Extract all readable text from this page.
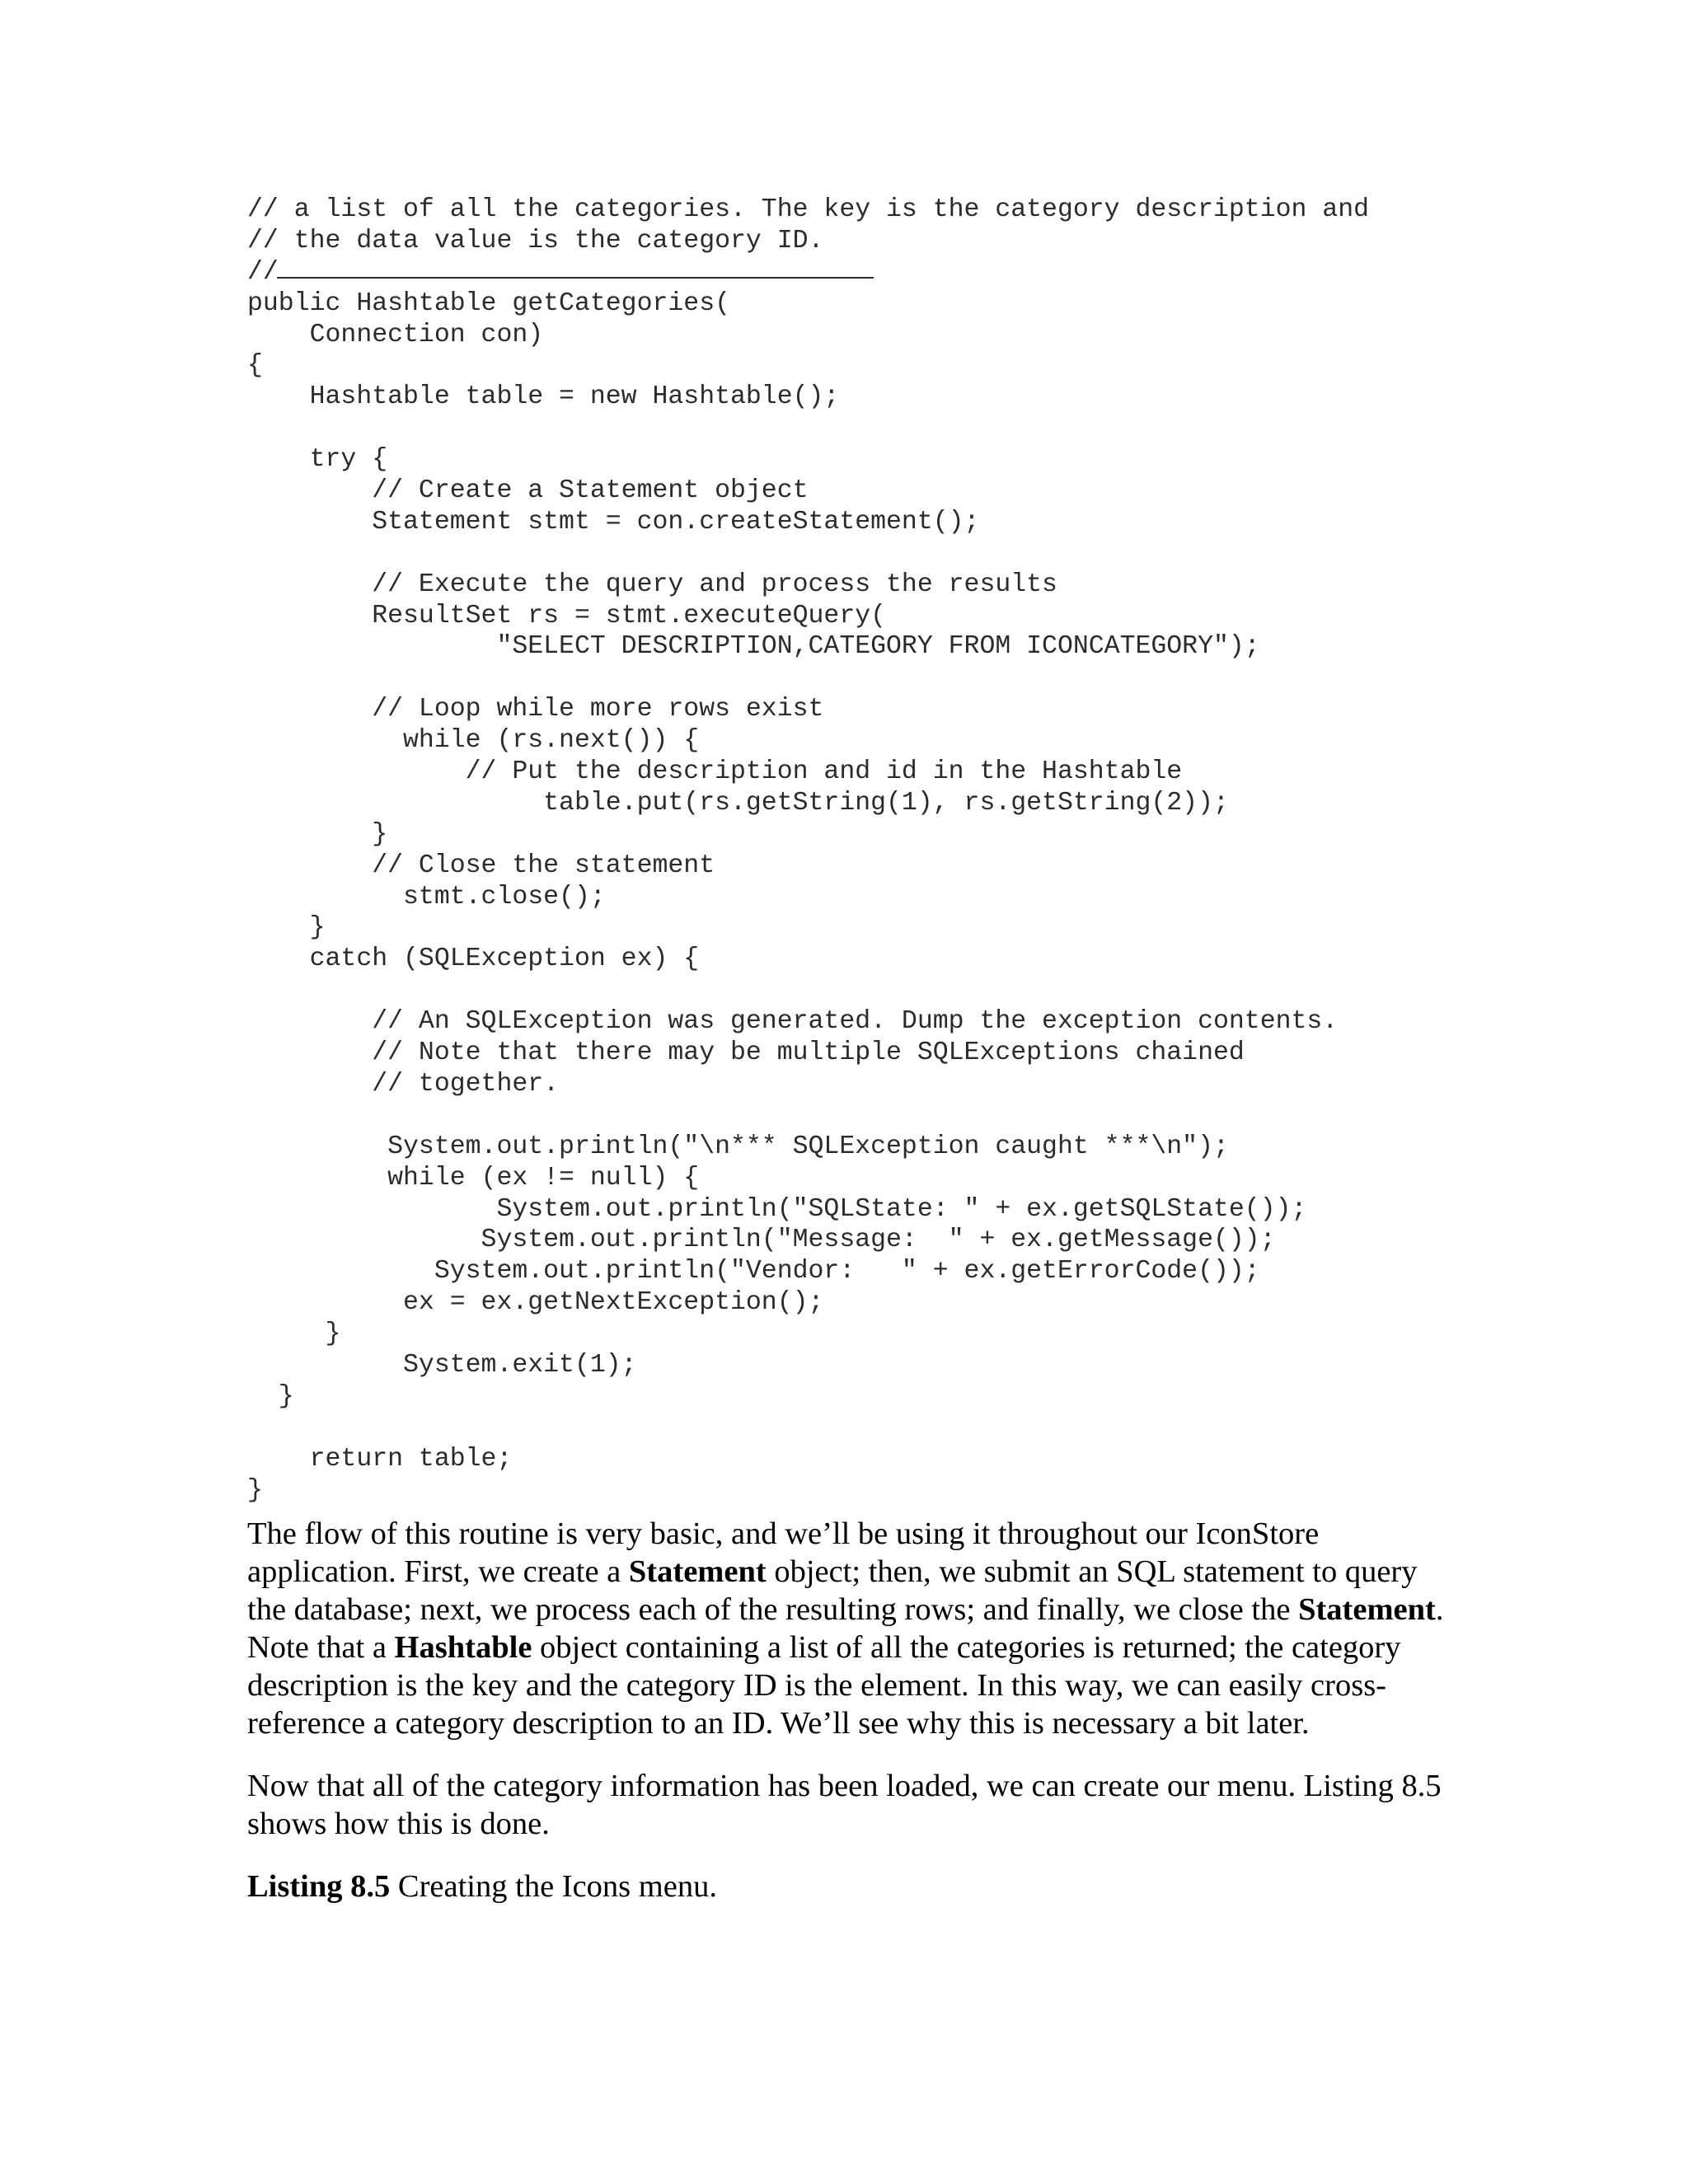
// a list of all the categories. The key is the category description and
// the data value is the category ID.
//
public Hashtable getCategories(
Connection con)
{
Hashtable table = new Hashtable();
try {
// Create a Statement object
Statement stmt = con.createStatement();
// Execute the query and process the results
ResultSet rs = stmt.executeQuery(
"SELECT DESCRIPTION,CATEGORY FROM ICONCATEGORY");
// Loop while more rows exist
while (rs.next()) {
// Put the description and id in the Hashtable
table.put(rs.getString(1), rs.getString(2));
}
// Close the statement
stmt.close();
}
catch (SQLException ex) {
// An SQLException was generated. Dump the exception contents.
// Note that there may be multiple SQLExceptions chained
// together.
System.out.println("\n*** SQLException caught ***\n");
while (ex != null) {
System.out.println("SQLState: " + ex.getSQLState());
System.out.println("Message:  " + ex.getMessage());
System.out.println("Vendor:   " + ex.getErrorCode());
ex = ex.getNextException();
}
System.exit(1);
}
return table;
}

The flow of this routine is very basic, and we’ll be using it throughout our IconStore application. First, we create a Statement object; then, we submit an SQL statement to query the database; next, we process each of the resulting rows; and finally, we close the Statement. Note that a Hashtable object containing a list of all the categories is returned; the category description is the key and the category ID is the element. In this way, we can easily cross-reference a category description to an ID. We’ll see why this is necessary a bit later.

Now that all of the category information has been loaded, we can create our menu. Listing 8.5 shows how this is done.

Listing 8.5 Creating the Icons menu.
